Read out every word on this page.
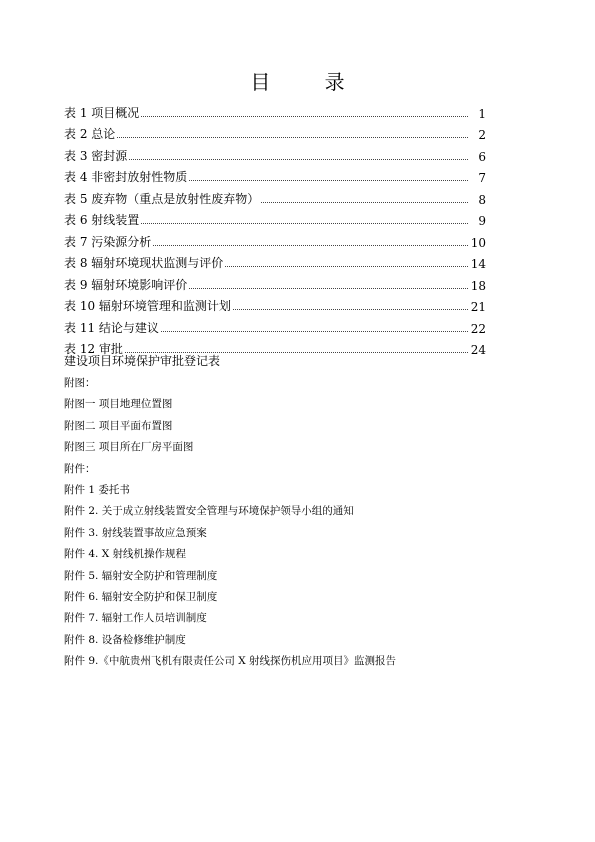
目 录
表 1 项目概况	1
表 2 总论	2
表 3 密封源	6
表 4 非密封放射性物质	7
表 5 废弃物（重点是放射性废弃物）	8
表 6 射线装置	9
表 7 污染源分析	10
表 8 辐射环境现状监测与评价	14
表 9 辐射环境影响评价	18
表 10 辐射环境管理和监测计划	21
表 11 结论与建议	22
表 12 审批	24
建设项目环境保护审批登记表
附图：
附图一 项目地理位置图
附图二 项目平面布置图
附图三 项目所在厂房平面图
附件：
附件 1 委托书
附件 2. 关于成立射线装置安全管理与环境保护领导小组的通知
附件 3. 射线装置事故应急预案
附件 4. X 射线机操作规程
附件 5. 辐射安全防护和管理制度
附件 6. 辐射安全防护和保卫制度
附件 7. 辐射工作人员培训制度
附件 8. 设备检修维护制度
附件 9.《中航贵州飞机有限责任公司 X 射线探伤机应用项目》监测报告
